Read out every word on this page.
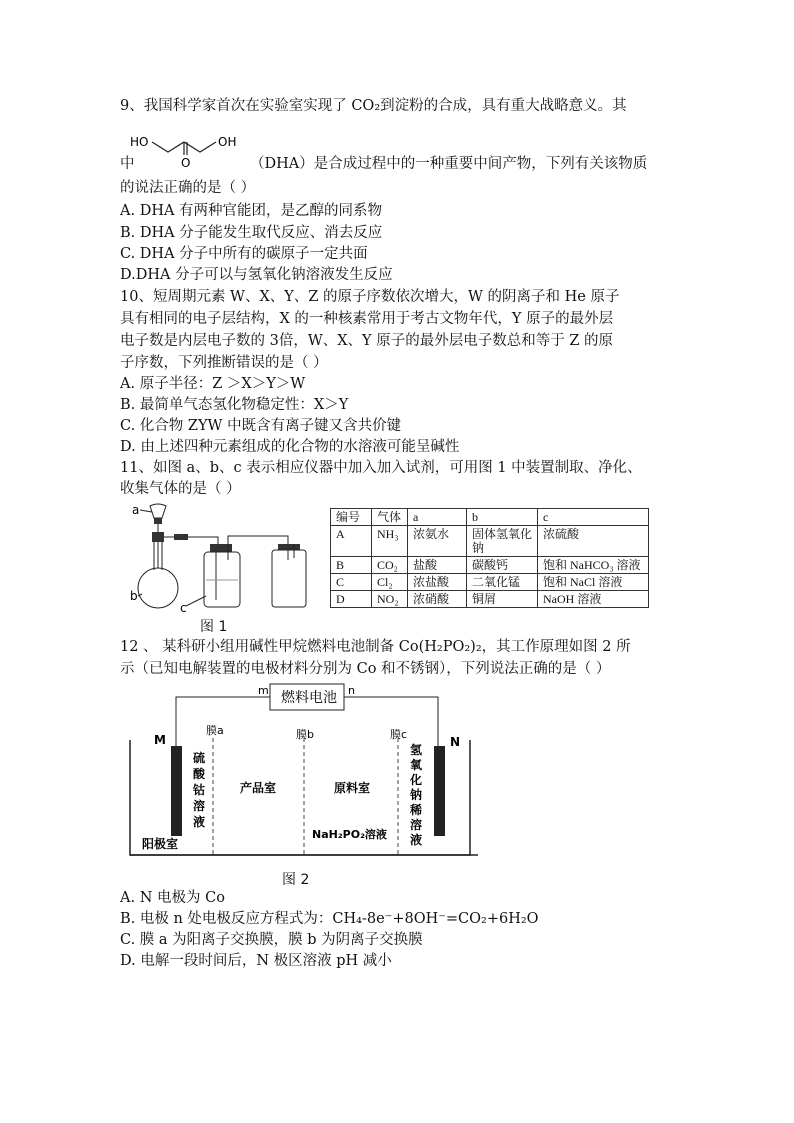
9、我国科学家首次在实验室实现了 CO₂到淀粉的合成，具有重大战略意义。其
HO
O
OH
中	（DHA）是合成过程中的一种重要中间产物，下列有关该物质
的说法正确的是（ ）
A. DHA 有两种官能团，是乙醇的同系物
B. DHA 分子能发生取代反应、消去反应
C. DHA 分子中所有的碳原子一定共面
D.DHA 分子可以与氢氧化钠溶液发生反应
10、短周期元素 W、X、Y、Z 的原子序数依次增大，W 的阴离子和 He 原子
具有相同的电子层结构，X 的一种核素常用于考古文物年代，Y 原子的最外层
电子数是内层电子数的 3倍，W、X、Y 原子的最外层电子数总和等于 Z 的原
子序数，下列推断错误的是（ ）
A. 原子半径：Z ＞X＞Y＞W
B. 最简单气态氢化物稳定性：X＞Y
C. 化合物 ZYW 中既含有离子键又含共价键
D. 由上述四种元素组成的化合物的水溶液可能呈碱性
11、如图 a、b、c 表示相应仪器中加入加入试剂，可用图 1 中装置制取、净化、
收集气体的是（ ）
a
b
c
图 1
编号	气体	a	b	c
A	NH₃	浓氨水	固体氢氧化钠	浓硫酸
B	CO₂	盐酸	碳酸钙	饱和 NaHCO₃ 溶液
C	Cl₂	浓盐酸	二氧化锰	饱和 NaCl 溶液
D	NO₂	浓硝酸	铜屑	NaOH 溶液
12 、 某科研小组用碱性甲烷燃料电池制备 Co(H₂PO₂)₂，其工作原理如图 2 所
示（已知电解装置的电极材料分别为 Co 和不锈钢），下列说法正确的是（ ）
燃料电池
m	n
M	N
膜a	膜b	膜c
硫
酸
钴
溶
液
氢
氧
化
钠
稀
溶
液
产品室	原料室
NaH₂PO₂溶液
阳极室
图 2
A. N 电极为 Co
B. 电极 n 处电极反应方程式为：CH₄-8e⁻+8OH⁻=CO₂+6H₂O
C. 膜 a 为阳离子交换膜，膜 b 为阴离子交换膜
D. 电解一段时间后，N 极区溶液 pH 减小
